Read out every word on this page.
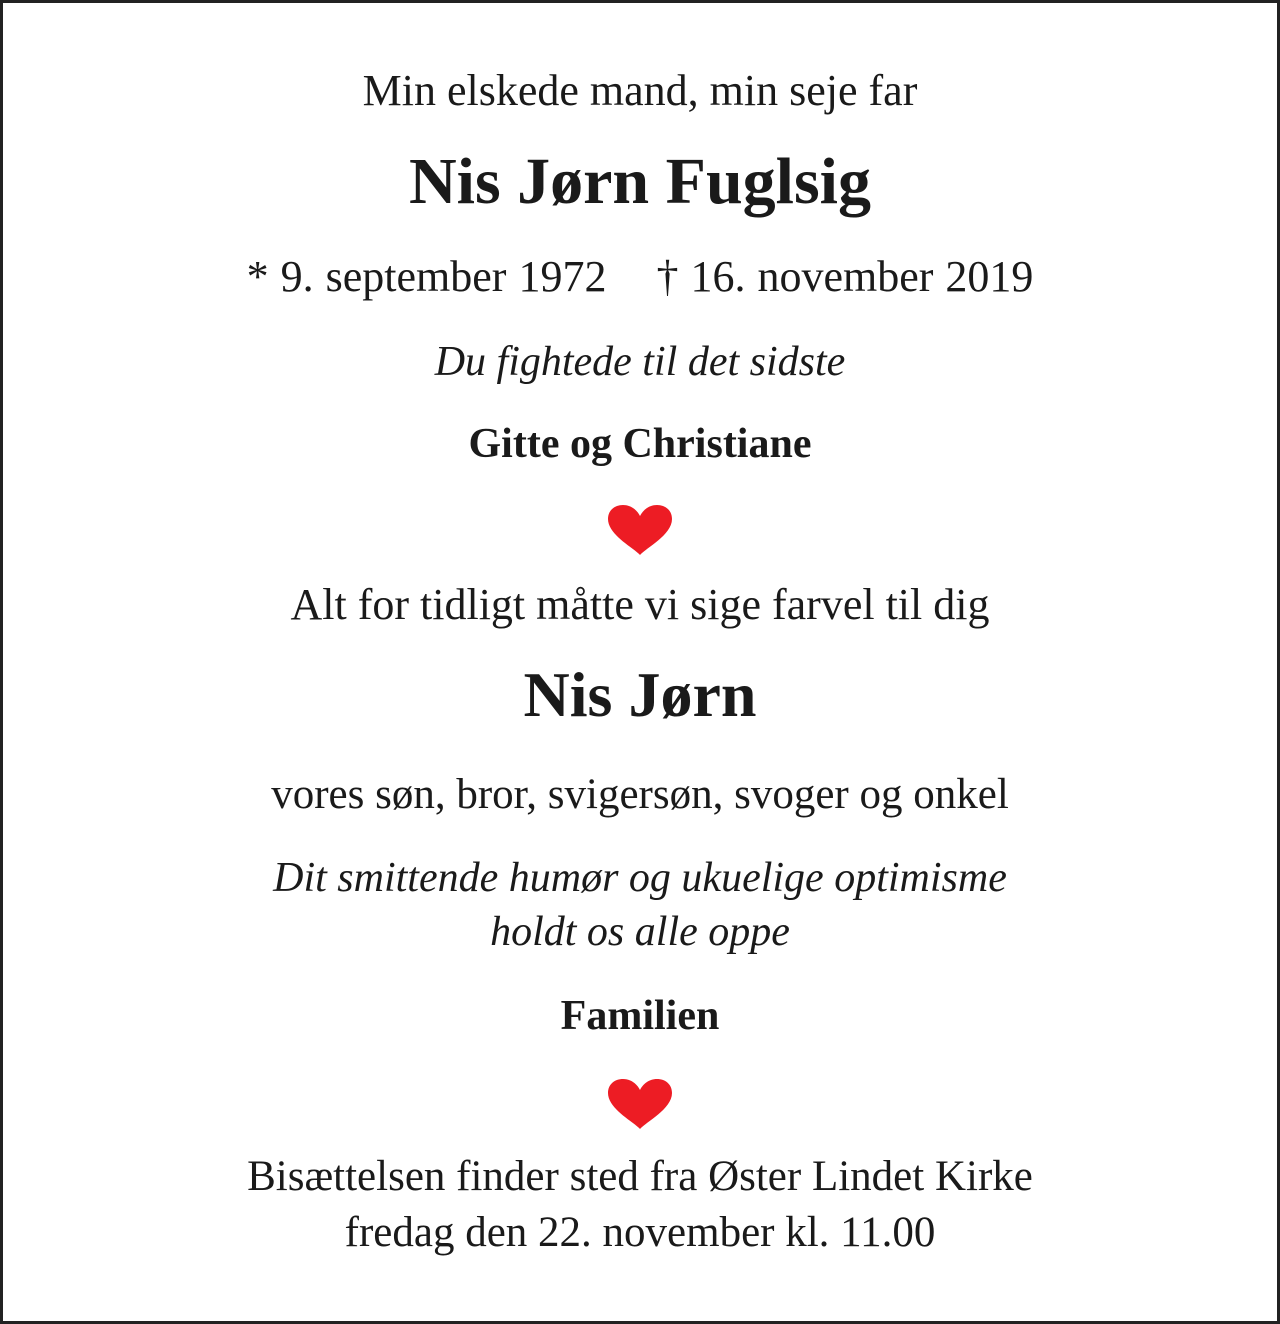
Min elskede mand, min seje far
Nis Jørn Fuglsig
* 9. september 1972 † 16. november 2019
Du fightede til det sidste
Gitte og Christiane
Alt for tidligt måtte vi sige farvel til dig
Nis Jørn
vores søn, bror, svigersøn, svoger og onkel
Dit smittende humør og ukuelige optimisme
holdt os alle oppe
Familien
Bisættelsen finder sted fra Øster Lindet Kirke
fredag den 22. november kl. 11.00
